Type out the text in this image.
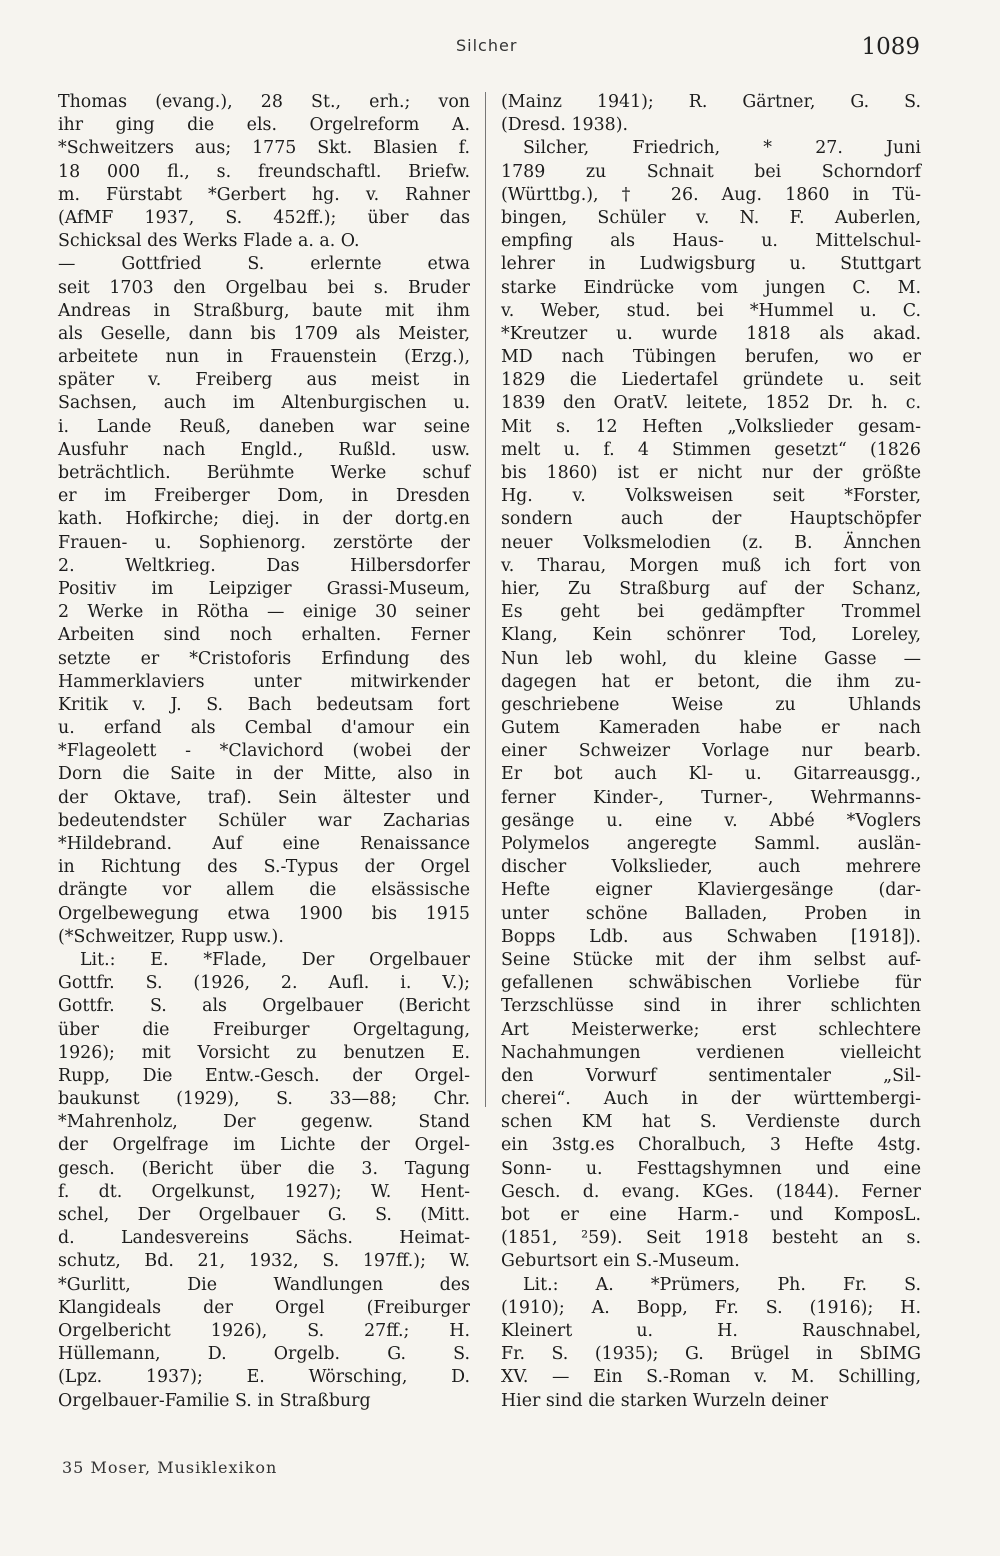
Silcher	1089
Thomas (evang.), 28 St., erh.; von
ihr ging die els. Orgelreform A.
*Schweitzers aus; 1775 Skt. Blasien f.
18 000 fl., s. freundschaftl. Briefw.
m. Fürstabt *Gerbert hg. v. Rahner
(AfMF 1937, S. 452ff.); über das
Schicksal des Werks Flade a. a. O.
— Gottfried S. erlernte etwa
seit 1703 den Orgelbau bei s. Bruder
Andreas in Straßburg, baute mit ihm
als Geselle, dann bis 1709 als Meister,
arbeitete nun in Frauenstein (Erzg.),
später v. Freiberg aus meist in
Sachsen, auch im Altenburgischen u.
i. Lande Reuß, daneben war seine
Ausfuhr nach Engld., Rußld. usw.
beträchtlich. Berühmte Werke schuf
er im Freiberger Dom, in Dresden
kath. Hofkirche; diej. in der dortg.en
Frauen- u. Sophienorg. zerstörte der
2. Weltkrieg. Das Hilbersdorfer
Positiv im Leipziger Grassi-Museum,
2 Werke in Rötha — einige 30 seiner
Arbeiten sind noch erhalten. Ferner
setzte er *Cristoforis Erfindung des
Hammerklaviers unter mitwirkender
Kritik v. J. S. Bach bedeutsam fort
u. erfand als Cembal d'amour ein
*Flageolett - *Clavichord (wobei der
Dorn die Saite in der Mitte, also in
der Oktave, traf). Sein ältester und
bedeutendster Schüler war Zacharias
*Hildebrand. Auf eine Renaissance
in Richtung des S.-Typus der Orgel
drängte vor allem die elsässische
Orgelbewegung etwa 1900 bis 1915
(*Schweitzer, Rupp usw.).
Lit.: E. *Flade, Der Orgelbauer
Gottfr. S. (1926, 2. Aufl. i. V.);
Gottfr. S. als Orgelbauer (Bericht
über die Freiburger Orgeltagung,
1926); mit Vorsicht zu benutzen E.
Rupp, Die Entw.-Gesch. der Orgel-
baukunst (1929), S. 33—88; Chr.
*Mahrenholz, Der gegenw. Stand
der Orgelfrage im Lichte der Orgel-
gesch. (Bericht über die 3. Tagung
f. dt. Orgelkunst, 1927); W. Hent-
schel, Der Orgelbauer G. S. (Mitt.
d. Landesvereins Sächs. Heimat-
schutz, Bd. 21, 1932, S. 197ff.); W.
*Gurlitt, Die Wandlungen des
Klangideals der Orgel (Freiburger
Orgelbericht 1926), S. 27ff.; H.
Hüllemann, D. Orgelb. G. S.
(Lpz. 1937); E. Wörsching, D.
Orgelbauer-Familie S. in Straßburg
(Mainz 1941); R. Gärtner, G. S.
(Dresd. 1938).
Silcher, Friedrich, * 27. Juni
1789 zu Schnait bei Schorndorf
(Württbg.), † 26. Aug. 1860 in Tü-
bingen, Schüler v. N. F. Auberlen,
empfing als Haus- u. Mittelschul-
lehrer in Ludwigsburg u. Stuttgart
starke Eindrücke vom jungen C. M.
v. Weber, stud. bei *Hummel u. C.
*Kreutzer u. wurde 1818 als akad.
MD nach Tübingen berufen, wo er
1829 die Liedertafel gründete u. seit
1839 den OratV. leitete, 1852 Dr. h. c.
Mit s. 12 Heften „Volkslieder gesam-
melt u. f. 4 Stimmen gesetzt“ (1826
bis 1860) ist er nicht nur der größte
Hg. v. Volksweisen seit *Forster,
sondern auch der Hauptschöpfer
neuer Volksmelodien (z. B. Ännchen
v. Tharau, Morgen muß ich fort von
hier, Zu Straßburg auf der Schanz,
Es geht bei gedämpfter Trommel
Klang, Kein schönrer Tod, Loreley,
Nun leb wohl, du kleine Gasse —
dagegen hat er betont, die ihm zu-
geschriebene Weise zu Uhlands
Gutem Kameraden habe er nach
einer Schweizer Vorlage nur bearb.
Er bot auch Kl- u. Gitarreausgg.,
ferner Kinder-, Turner-, Wehrmanns-
gesänge u. eine v. Abbé *Voglers
Polymelos angeregte Samml. auslän-
discher Volkslieder, auch mehrere
Hefte eigner Klaviergesänge (dar-
unter schöne Balladen, Proben in
Bopps Ldb. aus Schwaben [1918]).
Seine Stücke mit der ihm selbst auf-
gefallenen schwäbischen Vorliebe für
Terzschlüsse sind in ihrer schlichten
Art Meisterwerke; erst schlechtere
Nachahmungen verdienen vielleicht
den Vorwurf sentimentaler „Sil-
cherei“. Auch in der württembergi-
schen KM hat S. Verdienste durch
ein 3stg.es Choralbuch, 3 Hefte 4stg.
Sonn- u. Festtagshymnen und eine
Gesch. d. evang. KGes. (1844). Ferner
bot er eine Harm.- und KomposL.
(1851, ²59). Seit 1918 besteht an s.
Geburtsort ein S.-Museum.
Lit.: A. *Prümers, Ph. Fr. S.
(1910); A. Bopp, Fr. S. (1916); H.
Kleinert u. H. Rauschnabel,
Fr. S. (1935); G. Brügel in SbIMG
XV. — Ein S.-Roman v. M. Schilling,
Hier sind die starken Wurzeln deiner
35 Moser, Musiklexikon
